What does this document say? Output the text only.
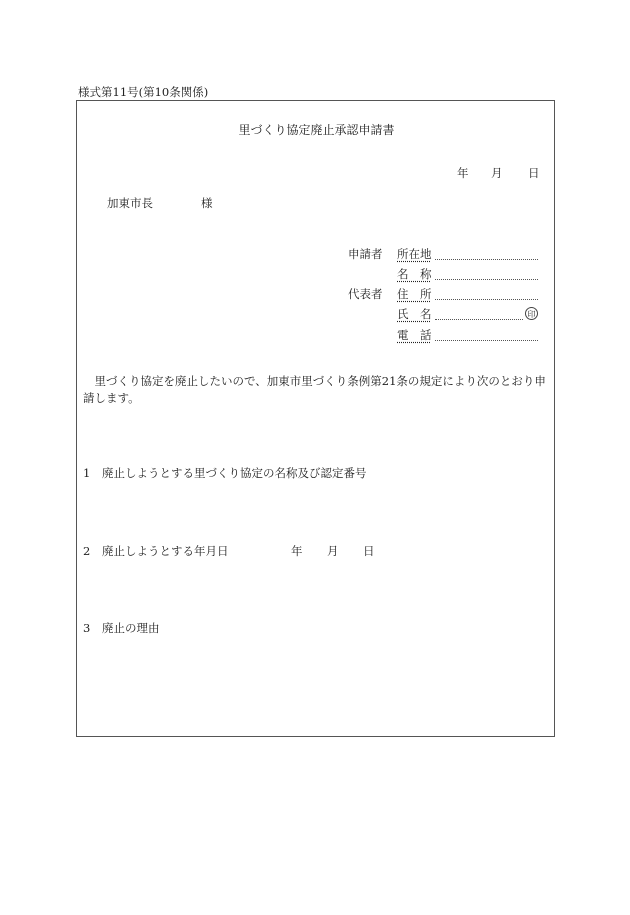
様式第11号(第10条関係)
里づくり協定廃止承認申請書
年 月 日
加東市長	様
申請者 所在地
名　称
代表者 住　所
氏　名	印
電　話
里づくり協定を廃止したいので、加東市里づくり条例第21条の規定により次のとおり申請します。
1 廃止しようとする里づくり協定の名称及び認定番号
2 廃止しようとする年月日	年 月 日
3 廃止の理由
